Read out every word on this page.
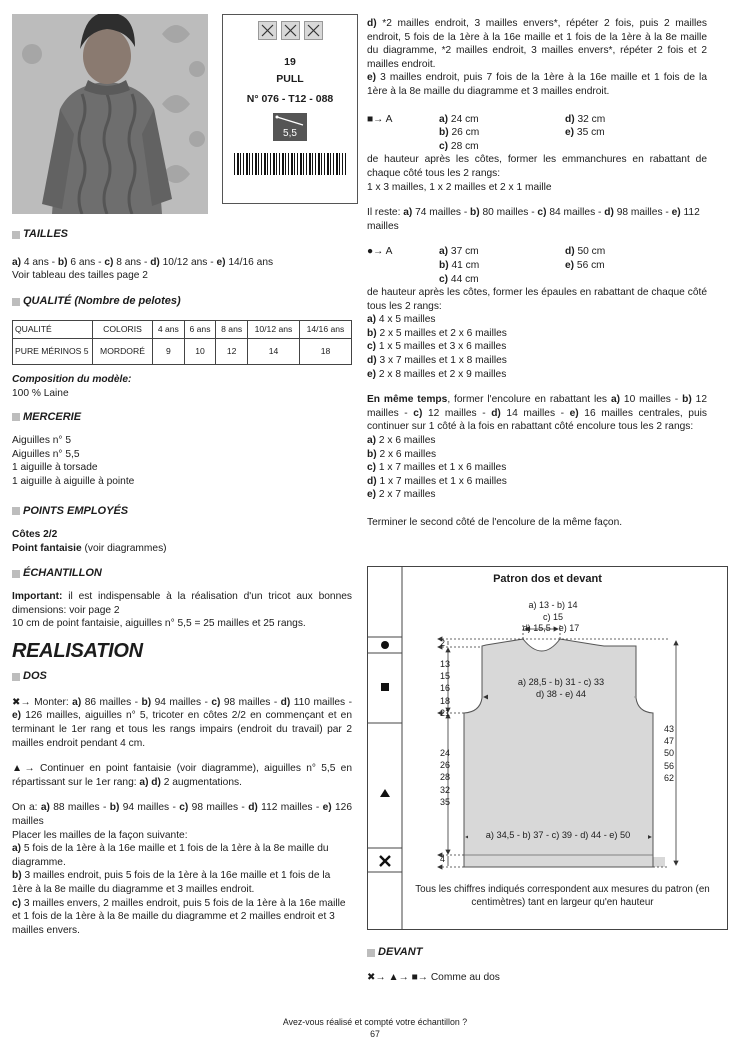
19
PULL
N° 076 - T12 - 088
5,5
TAILLES
a) 4 ans - b) 6 ans - c) 8 ans - d) 10/12 ans - e) 14/16 ans
Voir tableau des tailles page 2
QUALITÉ (Nombre de pelotes)
QUALITÉ	COLORIS	4 ans	6 ans	8 ans	10/12 ans	14/16 ans
PURE MÉRINOS 5	MORDORÉ	9	10	12	14	18
Composition du modèle:
100 % Laine
MERCERIE
Aiguilles n° 5
Aiguilles n° 5,5
1 aiguille à torsade
1 aiguille à aiguille à pointe
POINTS EMPLOYÉS
Côtes 2/2
Point fantaisie (voir diagrammes)
ÉCHANTILLON
Important: il est indispensable à la réalisation d'un tricot aux bonnes dimensions: voir page 2
10 cm de point fantaisie, aiguilles n° 5,5 = 25 mailles et 25 rangs.
REALISATION
DOS
✖→ Monter: a) 86 mailles - b) 94 mailles - c) 98 mailles - d) 110 mailles - e) 126 mailles, aiguilles n° 5, tricoter en côtes 2/2 en commençant et en terminant le 1er rang et tous les rangs impairs (endroit du travail) par 2 mailles endroit pendant 4 cm.
▲→ Continuer en point fantaisie (voir diagramme), aiguilles n° 5,5 en répartissant sur le 1er rang: a) d) 2 augmentations.
On a: a) 88 mailles - b) 94 mailles - c) 98 mailles - d) 112 mailles - e) 126 mailles
Placer les mailles de la façon suivante:
a) 5 fois de la 1ère à la 16e maille et 1 fois de la 1ère à la 8e maille du diagramme.
b) 3 mailles endroit, puis 5 fois de la 1ère à la 16e maille et 1 fois de la 1ère à la 8e maille du diagramme et 3 mailles endroit.
c) 3 mailles envers, 2 mailles endroit, puis 5 fois de la 1ère à la 16e maille et 1 fois de la 1ère à la 8e maille du diagramme et 2 mailles endroit et 3 mailles envers.
d) *2 mailles endroit, 3 mailles envers*, répéter 2 fois, puis 2 mailles endroit, 5 fois de la 1ère à la 16e maille et 1 fois de la 1ère à la 8e maille du diagramme, *2 mailles endroit, 3 mailles envers*, répéter 2 fois et 2 mailles endroit.
e) 3 mailles endroit, puis 7 fois de la 1ère à la 16e maille et 1 fois de la 1ère à la 8e maille du diagramme et 3 mailles endroit.
■→ A	a) 24 cm	d) 32 cm
b) 26 cm	e) 35 cm
c) 28 cm
de hauteur après les côtes, former les emmanchures en rabattant de chaque côté tous les 2 rangs:
1 x 3 mailles, 1 x 2 mailles et 2 x 1 maille
Il reste: a) 74 mailles - b) 80 mailles - c) 84 mailles - d) 98 mailles - e) 112 mailles
●→ A	a) 37 cm	d) 50 cm
b) 41 cm	e) 56 cm
c) 44 cm
de hauteur après les côtes, former les épaules en rabattant de chaque côté tous les 2 rangs:
a) 4 x 5 mailles
b) 2 x 5 mailles et 2 x 6 mailles
c) 1 x 5 mailles et 3 x 6 mailles
d) 3 x 7 mailles et 1 x 8 mailles
e) 2 x 8 mailles et 2 x 9 mailles
En même temps, former l'encolure en rabattant les a) 10 mailles - b) 12 mailles - c) 12 mailles - d) 14 mailles - e) 16 mailles centrales, puis continuer sur 1 côté à la fois en rabattant côté encolure tous les 2 rangs:
a) 2 x 6 mailles
b) 2 x 6 mailles
c) 1 x 7 mailles et 1 x 6 mailles
d) 1 x 7 mailles et 1 x 6 mailles
e) 2 x 7 mailles
Terminer le second côté de l'encolure de la même façon.
Patron dos et devant
a) 13 - b) 14
c) 15
d) 15,5 - e) 17
a) 28,5 - b) 31 - c) 33
d) 38 - e) 44
a) 34,5 - b) 37 - c) 39 - d) 44 - e) 50
2
13
15
16
18
21
24
26
28
32
35
4
43
47
50
56
62
Tous les chiffres indiqués correspondent aux mesures du patron (en centimètres) tant en largeur qu'en hauteur
DEVANT
✖→ ▲→ ■→ Comme au dos
Avez-vous réalisé et compté votre échantillon ?
67
